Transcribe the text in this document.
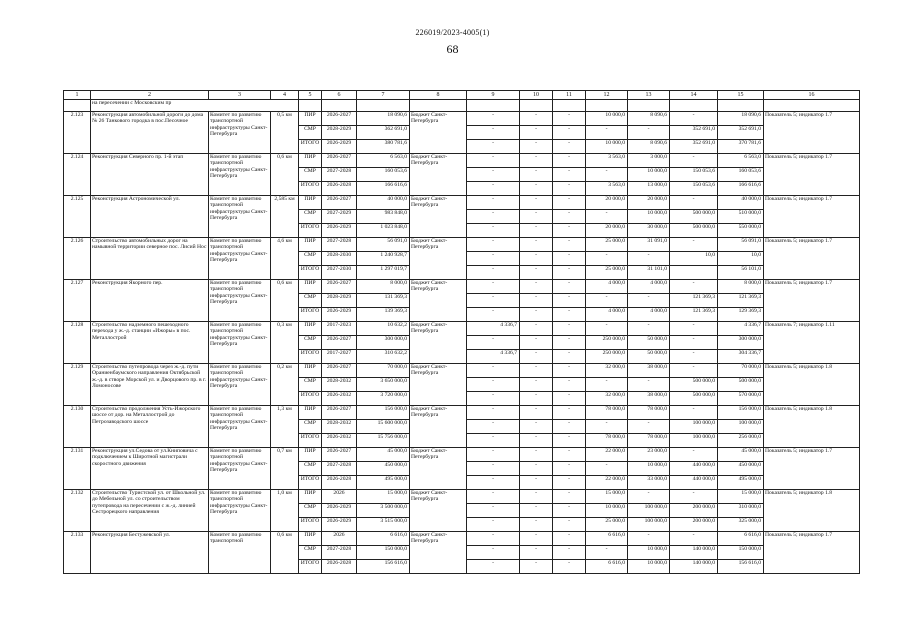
226019/2023-4005(1)
68
1	2	3	4	5	6	7	8	9	10	11	12	13	14	15	16
	на пересечении с Московским пр														
2.123	Реконструкция автомобильной дороги до дома № 26 Танкового городка в пос.Песочное	Комитет по развитию транспортной инфраструктуры Санкт-Петербурга	0,5 км	ПИР	2026-2027	18 090,6	Бюджет Санкт-Петербурга	-	-	-	10 000,0	8 090,6	-	18 090,6	Показатель 5; индикатор 1.7
				СМР	2028-2029	362 691,0		-	-	-	-	-	352 691,0	352 691,0	
				ИТОГО	2026-2029	380 781,6		-	-	-	10 000,0	8 090,6	352 691,0	370 781,6	
2.124	Реконструкция Северного пр. 1-й этап	Комитет по развитию транспортной инфраструктуры Санкт-Петербурга	0,6 км	ПИР	2026-2027	6 563,0	Бюджет Санкт-Петербурга	-	-	-	3 563,0	3 000,0	-	6 563,0	Показатель 5; индикатор 1.7
				СМР	2027-2028	160 053,6		-	-	-	-	10 000,0	150 053,6	160 053,6	
				ИТОГО	2026-2028	166 616,6		-	-	-	3 563,0	13 000,0	150 053,6	166 616,6	
2.125	Реконструкция Астрономической ул.	Комитет по развитию транспортной инфраструктуры Санкт-Петербурга	2,585 км	ПИР	2026-2027	40 000,0	Бюджет Санкт-Петербурга	-	-	-	20 000,0	20 000,0	-	40 000,0	Показатель 5; индикатор 1.7
				СМР	2027-2029	983 848,0		-	-	-	-	10 000,0	500 000,0	510 000,0	
				ИТОГО	2026-2029	1 023 848,0		-	-	-	20 000,0	30 000,0	500 000,0	550 000,0	
2.126	Строительство автомобильных дорог на намывной территории северное пос. Лисий Нос	Комитет по развитию транспортной инфраструктуры Санкт-Петербурга	4,6 км	ПИР	2027-2028	56 091,0	Бюджет Санкт-Петербурга	-	-	-	25 000,0	31 091,0	-	56 091,0	Показатель 5; индикатор 1.7
				СМР	2028-2030	1 240 928,7		-	-	-	-	-	10,0	10,0	
				ИТОГО	2027-2030	1 297 019,7		-	-	-	25 000,0	31 101,0		56 101,0	
2.127	Реконструкция Якорного пер.	Комитет по развитию транспортной инфраструктуры Санкт-Петербурга	0,6 км	ПИР	2026-2027	8 000,0	Бюджет Санкт-Петербурга	-	-	-	4 000,0	4 000,0	-	8 000,0	Показатель 5; индикатор 1.7
				СМР	2028-2029	131 369,3		-	-	-	-	-	121 369,3	121 369,3	
				ИТОГО	2026-2029	139 369,3		-	-	-	4 000,0	4 000,0	121 369,3	129 369,3	
2.128	Строительство надземного пешеходного перехода у ж.-д. станции «Ижоры» в пос. Металлострой	Комитет по развитию транспортной инфраструктуры Санкт-Петербурга	0,3 км	ПИР	2017-2023	10 632,2	Бюджет Санкт-Петербурга	4 336,7	-	-	-	-	-	4 336,7	Показатель 7; индикатор 1.11
				СМР	2026-2027	300 000,0		-	-	-	250 000,0	50 000,0	-	300 000,0	
				ИТОГО	2017-2027	310 632,2		4 336,7	-	-	250 000,0	50 000,0	-	304 336,7	
2.129	Строительство путепровода через ж.-д. пути Ораниенбаумского направления Октябрьской ж.-д. в створе Морской ул. и Дворцового пр. в г. Ломоносове	Комитет по развитию транспортной инфраструктуры Санкт-Петербурга	0,2 км	ПИР	2026-2027	70 000,0	Бюджет Санкт-Петербурга	-	-	-	32 000,0	38 000,0	-	70 000,0	Показатель 5; индикатор 1.8
				СМР	2028-2032	3 650 000,0		-	-	-	-	-	500 000,0	500 000,0	
				ИТОГО	2026-2032	3 720 000,0		-	-	-	32 000,0	38 000,0	500 000,0	570 000,0	
2.130	Строительство продолжения Усть-Ижорского шоссе от дор. на Металлострой до Петрозаводского шоссе	Комитет по развитию транспортной инфраструктуры Санкт-Петербурга	1,3 км	ПИР	2026-2027	156 000,0	Бюджет Санкт-Петербурга	-	-	-	78 000,0	78 000,0	-	156 000,0	Показатель 5; индикатор 1.8
				СМР	2028-2032	15 600 000,0		-	-	-	-	-	100 000,0	100 000,0	
				ИТОГО	2026-2032	15 756 000,0		-	-	-	78 000,0	78 000,0	100 000,0	256 000,0	
2.131	Реконструкция ул.Седова от ул.Книповича с подключением к Широтной магистрали скоростного движения	Комитет по развитию транспортной инфраструктуры Санкт-Петербурга	0,7 км	ПИР	2026-2027	45 000,0	Бюджет Санкт-Петербурга	-	-	-	22 000,0	23 000,0	-	45 000,0	Показатель 5; индикатор 1.7
				СМР	2027-2028	450 000,0		-	-	-	-	10 000,0	440 000,0	450 000,0	
				ИТОГО	2026-2028	495 000,0		-	-	-	22 000,0	33 000,0	440 000,0	495 000,0	
2.132	Строительство Туристской ул. от Школьной ул. до Мебельной ул. со строительством путепровода на пересечении с ж.-д. линией Сестрорецкого направления	Комитет по развитию транспортной инфраструктуры Санкт-Петербурга	1,0 км	ПИР	2026	15 000,0	Бюджет Санкт-Петербурга	-	-	-	15 000,0	-	-	15 000,0	Показатель 5; индикатор 1.8
				СМР	2026-2029	3 500 000,0		-	-	-	10 000,0	100 000,0	200 000,0	310 000,0	
				ИТОГО	2026-2029	3 515 000,0		-	-	-	25 000,0	100 000,0	200 000,0	325 000,0	
2.133	Реконструкция Бестужевской ул.	Комитет по развитию транспортной	0,6 км	ПИР	2026	6 616,0	Бюджет Санкт-Петербурга	-	-	-	6 616,0	-	-	6 616,0	Показатель 5; индикатор 1.7
				СМР	2027-2028	150 000,0		-	-	-	-	10 000,0	140 000,0	150 000,0	
				ИТОГО	2026-2028	156 616,0		-	-	-	6 616,0	10 000,0	140 000,0	156 616,0	
